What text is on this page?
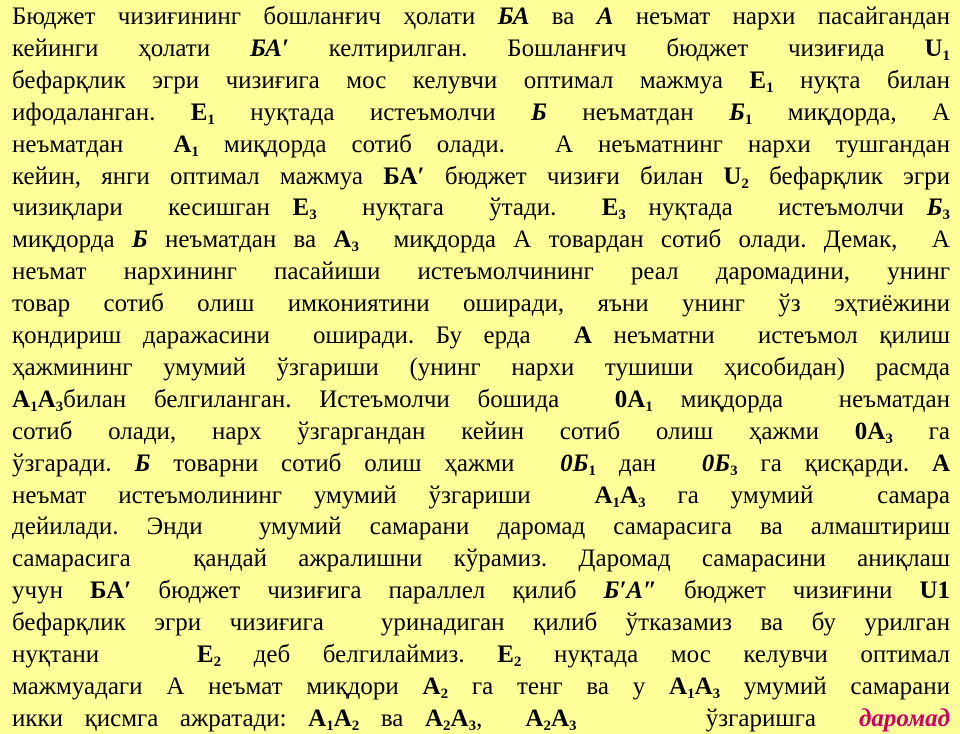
Бюджет чизиғининг бошланғич ҳолати БА ва А неъмат нархи пасайгандан
кейинги ҳолати БА′ келтирилган. Бошланғич бюджет чизиғида $U_1$
бефарқлик эгри чизиғига мос келувчи оптимал мажмуа $Е_1$ нуқта билан
ифодаланган. $Е_1$ нуқтада истеъмолчи Б неъматдан $Б_1$ миқдорда, А
неъматдан  $А_1$ миқдорда сотиб олади.  А неъматнинг нархи тушгандан
кейин, янги оптимал мажмуа БА′ бюджет чизиғи билан $U_2$ бефарқлик эгри
чизиқлари  кесишган $Е_3$  нуқтага  ўтади.  $Е_3$ нуқтада  истеъмолчи $Б_3$
миқдорда Б неъматдан ва $А_3$  миқдорда А товардан сотиб олади. Демак,  А
неъмат нархининг пасайиши истеъмолчининг реал даромадини, унинг
товар сотиб олиш имкониятини оширади, яъни унинг ўз эҳтиёжини
қондириш даражасини  оширади. Бу ерда  А неъматни  истеъмол қилиш
ҳажмининг умумий ўзгариши (унинг нархи тушиши ҳисобидан) расмда
$А_1А_3билан$ белгиланган. Истеъмолчи бошида  $0А_1$ миқдорда  неъматдан
сотиб олади, нарх ўзгаргандан кейин сотиб олиш ҳажми $0А_3$ га
ўзгаради. Б товарни сотиб олиш ҳажми  $0Б_1$ дан  $0Б_3$ га қисқарди. А
неъмат истеъмолининг умумий ўзгариши  $А_1А_3$ га умумий  самара
дейилади. Энди  умумий самарани даромад самарасига ва алмаштириш
самарасига  қандай ажралишни кўрамиз. Даромад самарасини аниқлаш
учун БА′ бюджет чизиғига параллел қилиб Б′А″ бюджет чизиғини U1
бефарқлик эгри чизиғига  уринадиган қилиб ўтказамиз ва бу урилган
нуқтани   $Е_2$ деб белгилаймиз. $Е_2$ нуқтада мос келувчи оптимал
мажмуадаги А неъмат миқдори $А_2$ га тенг ва у $А_1А_3$ умумий самарани
икки қисмга ажратади: $А_1А_2$ ва $А_2А_3$,  $А_2А_3$      ўзгаришга  даромад
